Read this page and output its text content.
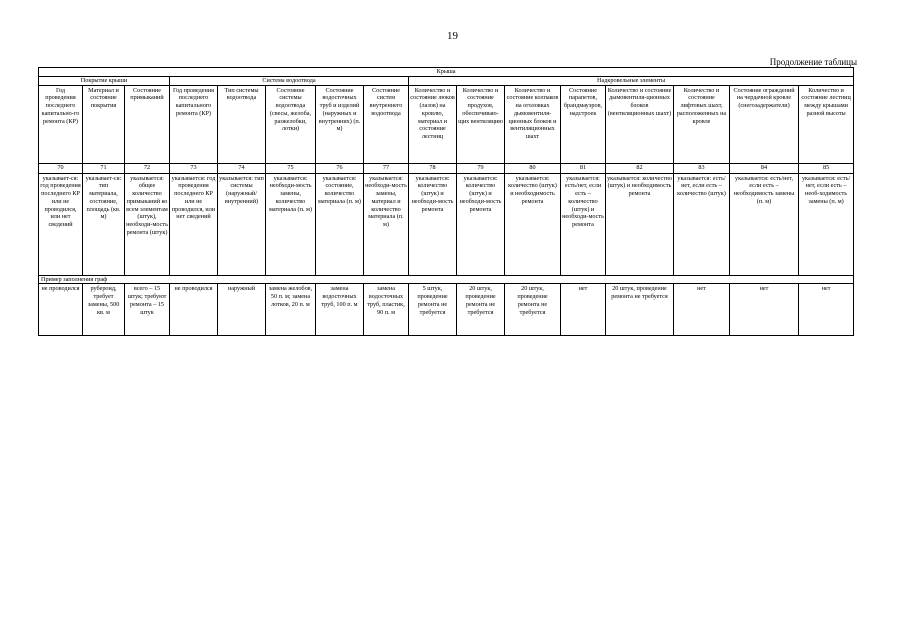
19
Продолжение таблицы
Крыша															
Покрытие крыши			Система водоотвода					Надкровельные элементы							
Год проведения последнего капитально-го ремонта (КР)	Материал и состояние покрытия	Состояние примыканий	Год проведения последнего капитального ремонта (КР)	Тип системы водоотвода	Состояние системы водоотвода (свесы, желоба, разжелобки, лотки)	Состояние водосточных труб и изделий (наружных и внутренних) (п. м)	Состояние систем внутреннего водоотвода	Количество и состояние люков (лазов) на кровлю, материал и состояние лестниц	Количество и состояние продухов, обеспечиваю-щих вентиляцию	Количество и состояние колпаков на оголовках дымовентиля-ционных блоков и вентиляционных шахт	Состояние парапетов, брандмауэров, надстроек	Количество и состояние дымовентиля-ционных блоков (вентиляционных шахт)	Количество и состояние лифтовых шахт, расположенных на кровле	Состояние ограждений на чердачной кровле (снегозадержатели)	Количество и состояние лестниц между крышами разной высоты
70	71	72	73	74	75	76	77	78	79	80	81	82	83	84	85
указывает-ся: год проведения последнего КР или не проводился, или нет сведений	указывает-ся: тип материала, состояние, площадь (кв. м)	указывается: общее количество примыканий ко всем элементам (штук), необходи-мость ремонта (штук)	указывается: год проведения последнего КР или не проводился, или нет сведений	указывается: тип системы (наружный/ внутренний)	указывается: необходи-мость замены, количество материала (п. м)	указывается: состояние, количество материала (п. м)	указывается: необходи-мость замены, материал и количество материала (п. м)	указывается: количество (штук) и необходи-мость ремонта	указывается: количество (штук) и необходи-мость ремонта	указывается: количество (штук) и необходимость ремонта	указывается: есть/нет, если есть – количество (штук) и необходи-мость ремонта	указывается: количество (штук) и необходимость ремонта	указывается: есть/нет, если есть – количество (штук)	указывается: есть/нет, если есть – необходимость замены (п. м)	указывается: есть/нет, если есть – необ-ходимость замены (п. м)
Пример заполнения граф															
не проводился	рубероид, требует замены, 500 кв. м	всего – 15 штук; требуют ремонта – 15 штук	не проводился	наружный	замена желобов, 50 п. м; замена лотков, 20 п. м	замена водосточных труб, 100 п. м	замена водосточных труб, пластик, 90 п. м	5 штук, проведение ремонта не требуется	20 штук, проведение ремонта не требуется	20 штук, проведение ремонта не требуется	нет	20 штук, проведение ремонта не требуется	нет	нет	нет
